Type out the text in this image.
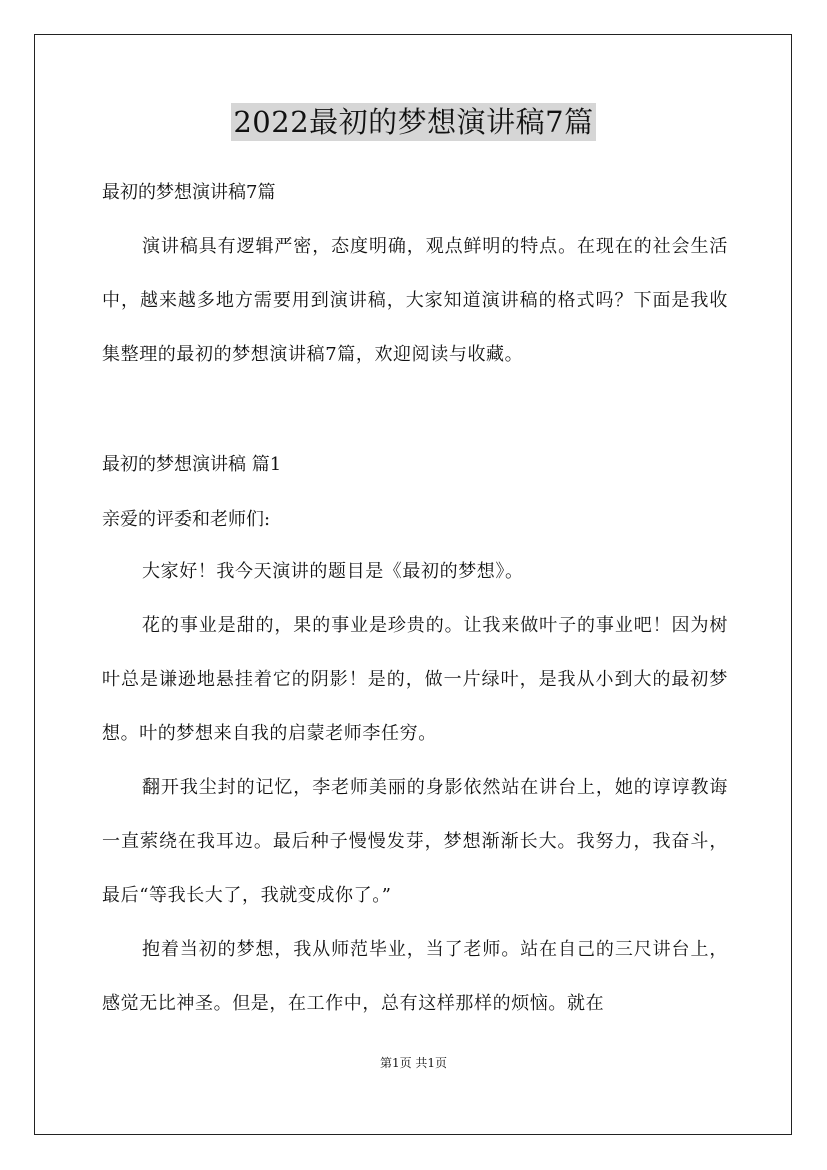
2022最初的梦想演讲稿7篇
最初的梦想演讲稿7篇
演讲稿具有逻辑严密，态度明确，观点鲜明的特点。在现在的社会生活中，越来越多地方需要用到演讲稿，大家知道演讲稿的格式吗？下面是我收集整理的最初的梦想演讲稿7篇，欢迎阅读与收藏。
最初的梦想演讲稿 篇1
亲爱的评委和老师们:
大家好！我今天演讲的题目是《最初的梦想》。
花的事业是甜的，果的事业是珍贵的。让我来做叶子的事业吧！因为树叶总是谦逊地悬挂着它的阴影！是的，做一片绿叶，是我从小到大的最初梦想。叶的梦想来自我的启蒙老师李任穷。
翻开我尘封的记忆，李老师美丽的身影依然站在讲台上，她的谆谆教诲一直萦绕在我耳边。最后种子慢慢发芽，梦想渐渐长大。我努力，我奋斗，最后“等我长大了，我就变成你了。”
抱着当初的梦想，我从师范毕业，当了老师。站在自己的三尺讲台上，感觉无比神圣。但是，在工作中，总有这样那样的烦恼。就在
第1页 共1页
